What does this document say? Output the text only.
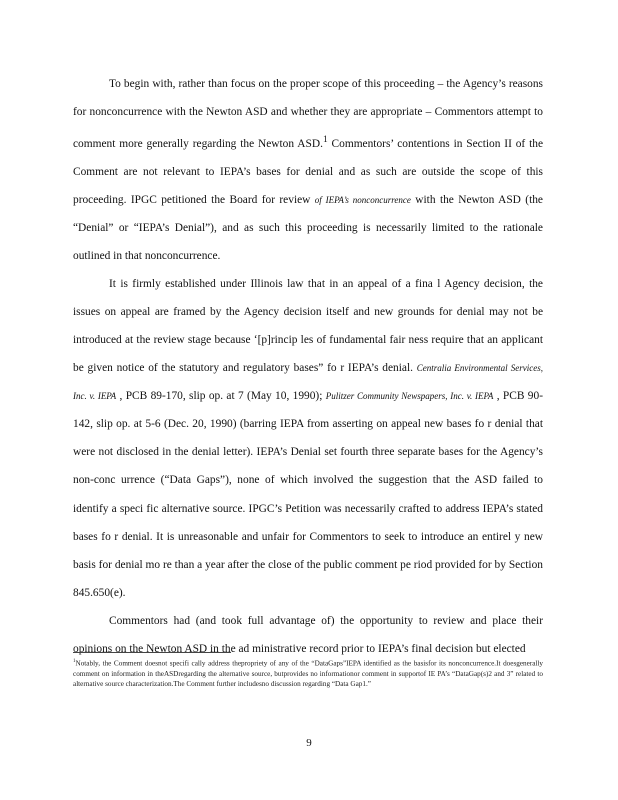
To begin with, rather than focus on the proper scope of this proceeding – the Agency’s reasons for nonconcurrence with the Newton ASD and whether they are appropriate – Commentors attempt to comment more generally regarding the Newton ASD.$^1$ Commentors’ contentions in Section II of the Comment are not relevant to IEPA’s bases for denial and as such are outside the scope of this proceeding. IPGC petitioned the Board for review of IEPA’s nonconcurrence with the Newton ASD (the “Denial” or “IEPA’s Denial”), and as such this proceeding is necessarily limited to the rationale outlined in that nonconcurrence.

It is firmly established under Illinois law that in an appeal of a fina l Agency decision, the issues on appeal are framed by the Agency decision itself and new grounds for denial may not be introduced at the review stage because ‘[p]rincip les of fundamental fair ness require that an applicant be given notice of the statutory and regulatory bases” fo r IEPA’s denial. Centralia Environmental Services, Inc. v. IEPA , PCB 89-170, slip op. at 7 (May 10, 1990); Pulitzer Community Newspapers, Inc. v. IEPA , PCB 90-142, slip op. at 5-6 (Dec. 20, 1990) (barring IEPA from asserting on appeal new bases fo r denial that were not disclosed in the denial letter). IEPA’s Denial set fourth three separate bases for the Agency’s non-conc urrence (“Data Gaps”), none of which involved the suggestion that the ASD failed to identify a speci fic alternative source. IPGC’s Petition was necessarily crafted to address IEPA’s stated bases fo r denial. It is unreasonable and unfair for Commentors to seek to introduce an entirel y new basis for denial mo re than a year after the close of the public comment pe riod provided for by Section 845.650(e).

Commentors had (and took full advantage of) the opportunity to review and place their opinions on the Newton ASD in the ad ministrative record prior to IEPA’s final decision but elected

$^1$Notably, the Comment doesnot specifi cally address thepropriety of any of the “DataGaps”IEPA identified as the basisfor its nonconcurrence.It doesgenerally comment on information in theASDregarding the alternative source, butprovides no informationor comment in supportof IE PA’s “DataGap(s)2 and 3” related to alternative source characterization.The Comment further includesno discussion regarding “Data Gap1.”
9
